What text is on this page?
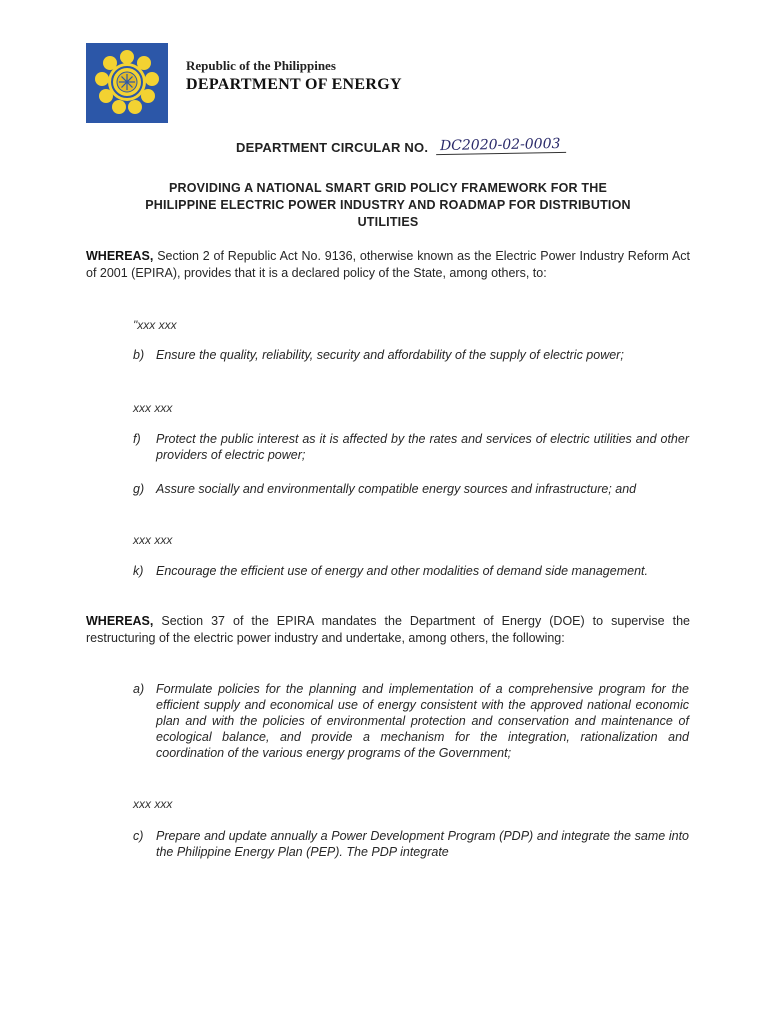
Republic of the Philippines
DEPARTMENT OF ENERGY
DEPARTMENT CIRCULAR NO. DC2020-02-0003
PROVIDING A NATIONAL SMART GRID POLICY FRAMEWORK FOR THE
PHILIPPINE ELECTRIC POWER INDUSTRY AND ROADMAP FOR DISTRIBUTION
UTILITIES
WHEREAS, Section 2 of Republic Act No. 9136, otherwise known as the Electric Power Industry Reform Act of 2001 (EPIRA), provides that it is a declared policy of the State, among others, to:
"xxx xxx
b) Ensure the quality, reliability, security and affordability of the supply of electric power;
xxx xxx
f) Protect the public interest as it is affected by the rates and services of electric utilities and other providers of electric power;
g) Assure socially and environmentally compatible energy sources and infrastructure; and
xxx xxx
k) Encourage the efficient use of energy and other modalities of demand side management.
WHEREAS, Section 37 of the EPIRA mandates the Department of Energy (DOE) to supervise the restructuring of the electric power industry and undertake, among others, the following:
a) Formulate policies for the planning and implementation of a comprehensive program for the efficient supply and economical use of energy consistent with the approved national economic plan and with the policies of environmental protection and conservation and maintenance of ecological balance, and provide a mechanism for the integration, rationalization and coordination of the various energy programs of the Government;
xxx xxx
c) Prepare and update annually a Power Development Program (PDP) and integrate the same into the Philippine Energy Plan (PEP). The PDP integrate
